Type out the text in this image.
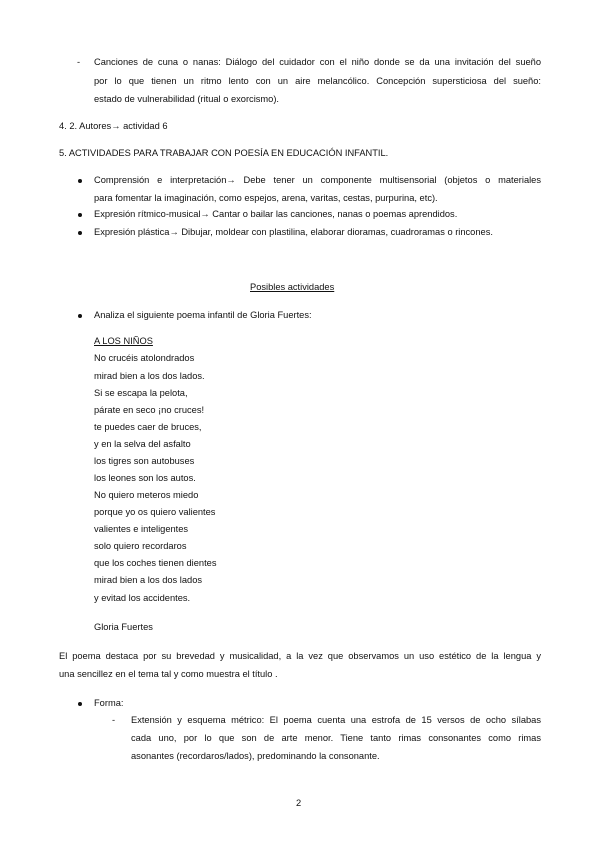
- Canciones de cuna o nanas: Diálogo del cuidador con el niño donde se da una invitación del sueño
por lo que tienen un ritmo lento con un aire melancólico. Concepción supersticiosa del sueño:
estado de vulnerabilidad (ritual o exorcismo).
4. 2. Autores→ actividad 6
5. ACTIVIDADES PARA TRABAJAR CON POESÍA EN EDUCACIÓN INFANTIL.
Comprensión e interpretación→ Debe tener un componente multisensorial (objetos o materiales
para fomentar la imaginación, como espejos, arena, varitas, cestas, purpurina, etc).
Expresión rítmico-musical→ Cantar o bailar las canciones, nanas o poemas aprendidos.
Expresión plástica→ Dibujar, moldear con plastilina, elaborar dioramas, cuadroramas o rincones.
Posibles actividades
Analiza el siguiente poema infantil de Gloria Fuertes:
A LOS NIÑOS
No crucéis atolondrados
mirad bien a los dos lados.
Si se escapa la pelota,
párate en seco ¡no cruces!
te puedes caer de bruces,
y en la selva del asfalto
los tigres son autobuses
los leones son los autos.
No quiero meteros miedo
porque yo os quiero valientes
valientes e inteligentes
solo quiero recordaros
que los coches tienen dientes
mirad bien a los dos lados
y evitad los accidentes.
Gloria Fuertes
El poema destaca por su brevedad y musicalidad, a la vez que observamos un uso estético de la lengua y
una sencillez en el tema tal y como muestra el título .
Forma:
- Extensión y esquema métrico: El poema cuenta una estrofa de 15 versos de ocho sílabas
cada uno, por lo que son de arte menor. Tiene tanto rimas consonantes como rimas
asonantes (recordaros/lados), predominando la consonante.
2
